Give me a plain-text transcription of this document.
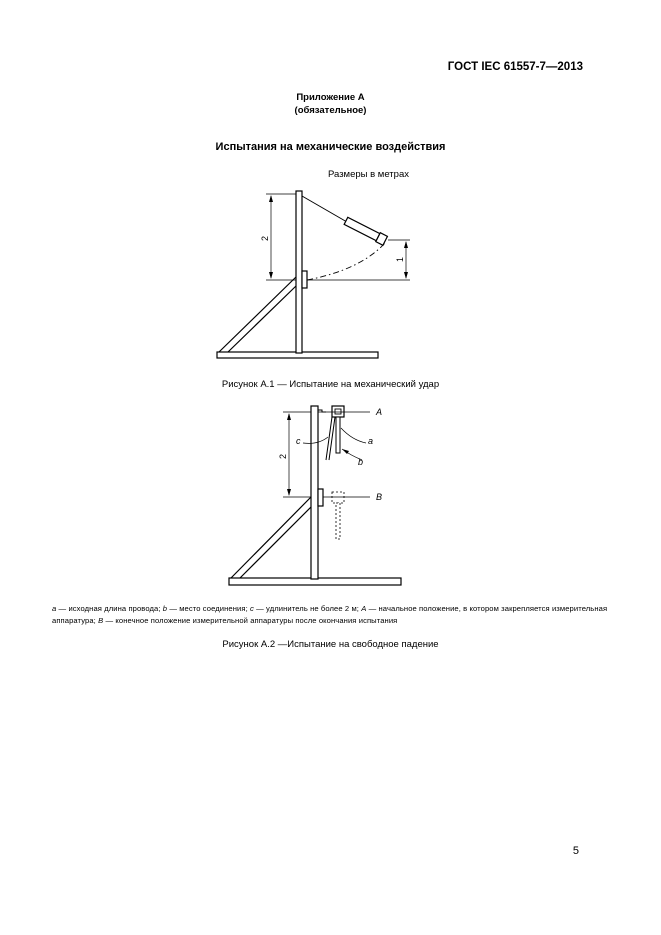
ГОСТ IEC 61557-7—2013
Приложение А
(обязательное)
Испытания на механические воздействия
Размеры в метрах
2
1
Рисунок А.1 — Испытание на механический удар
2
A
B
a
b
c
a — исходная длина провода; b — место соединения; c — удлинитель не более 2 м; A — начальное положение, в котором закрепляется измерительная аппаратура; B — конечное положение измерительной аппаратуры после окончания испытания
Рисунок А.2 —Испытание на свободное падение
5
